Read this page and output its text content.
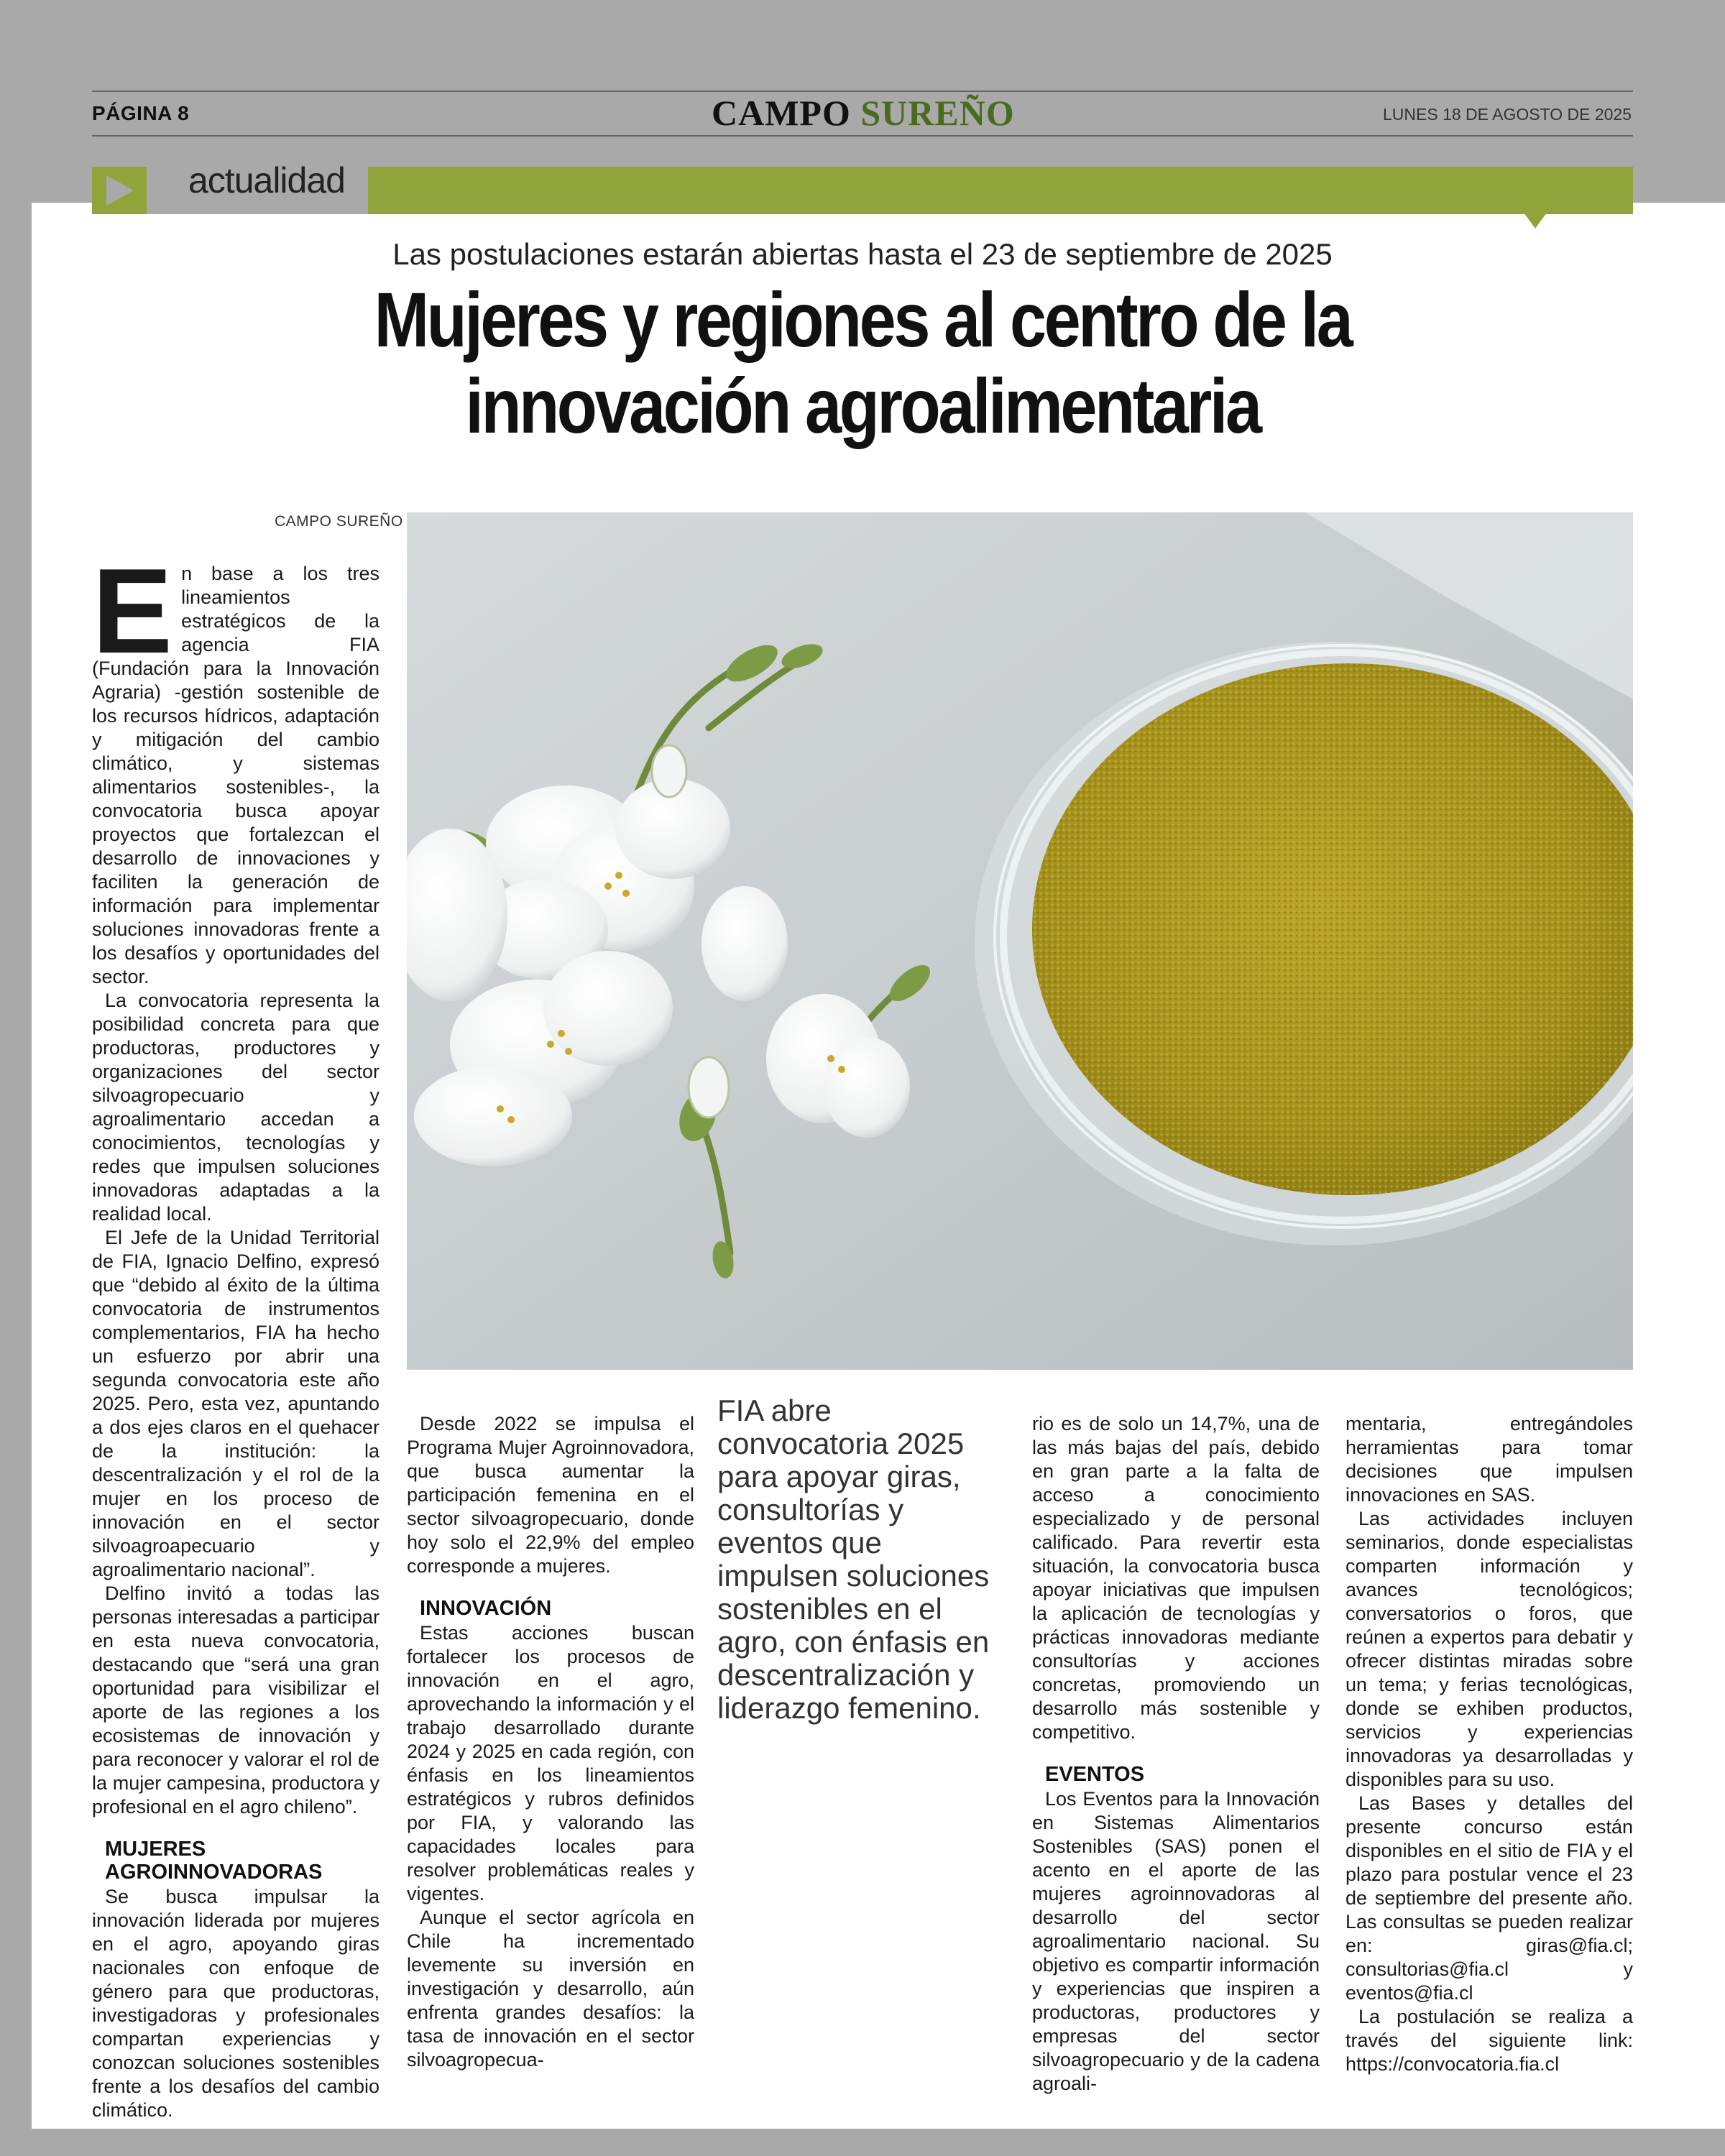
PÁGINA 8	CAMPO SUREÑO	LUNES 18 DE AGOSTO DE 2025
actualidad
Las postulaciones estarán abiertas hasta el 23 de septiembre de 2025
Mujeres y regiones al centro de la
innovación agroalimentaria
CAMPO SUREÑO

En base a los tres lineamientos estratégicos de la agencia FIA (Fundación para la Innovación Agraria) -gestión sostenible de los recursos hídricos, adaptación y mitigación del cambio climático, y sistemas alimentarios sostenibles-, la convocatoria busca apoyar proyectos que fortalezcan el desarrollo de innovaciones y faciliten la generación de información para implementar soluciones innovadoras frente a los desafíos y oportunidades del sector.

La convocatoria representa la posibilidad concreta para que productoras, productores y organizaciones del sector silvoagropecuario y agroalimentario accedan a conocimientos, tecnologías y redes que impulsen soluciones innovadoras adaptadas a la realidad local.

El Jefe de la Unidad Territorial de FIA, Ignacio Delfino, expresó que “debido al éxito de la última convocatoria de instrumentos complementarios, FIA ha hecho un esfuerzo por abrir una segunda convocatoria este año 2025. Pero, esta vez, apuntando a dos ejes claros en el quehacer de la institución: la descentralización y el rol de la mujer en los proceso de innovación en el sector silvoagroapecuario y agroalimentario nacional”.

Delfino invitó a todas las personas interesadas a participar en esta nueva convocatoria, destacando que “será una gran oportunidad para visibilizar el aporte de las regiones a los ecosistemas de innovación y para reconocer y valorar el rol de la mujer campesina, productora y profesional en el agro chileno”.

MUJERES AGROINNOVADORAS

Se busca impulsar la innovación liderada por mujeres en el agro, apoyando giras nacionales con enfoque de género para que productoras, investigadoras y profesionales compartan experiencias y conozcan soluciones sostenibles frente a los desafíos del cambio climático.

Desde 2022 se impulsa el Programa Mujer Agroinnovadora, que busca aumentar la participación femenina en el sector silvoagropecuario, donde hoy solo el 22,9% del empleo corresponde a mujeres.

INNOVACIÓN

Estas acciones buscan fortalecer los procesos de innovación en el agro, aprovechando la información y el trabajo desarrollado durante 2024 y 2025 en cada región, con énfasis en los lineamientos estratégicos y rubros definidos por FIA, y valorando las capacidades locales para resolver problemáticas reales y vigentes.

Aunque el sector agrícola en Chile ha incrementado levemente su inversión en investigación y desarrollo, aún enfrenta grandes desafíos: la tasa de innovación en el sector silvoagropecua-

FIA abre convocatoria 2025 para apoyar giras, consultorías y eventos que impulsen soluciones sostenibles en el agro, con énfasis en descentralización y liderazgo femenino.

rio es de solo un 14,7%, una de las más bajas del país, debido en gran parte a la falta de acceso a conocimiento especializado y de personal calificado. Para revertir esta situación, la convocatoria busca apoyar iniciativas que impulsen la aplicación de tecnologías y prácticas innovadoras mediante consultorías y acciones concretas, promoviendo un desarrollo más sostenible y competitivo.

EVENTOS

Los Eventos para la Innovación en Sistemas Alimentarios Sostenibles (SAS) ponen el acento en el aporte de las mujeres agroinnovadoras al desarrollo del sector agroalimentario nacional. Su objetivo es compartir información y experiencias que inspiren a productoras, productores y empresas del sector silvoagropecuario y de la cadena agroali-

mentaria, entregándoles herramientas para tomar decisiones que impulsen innovaciones en SAS.

Las actividades incluyen seminarios, donde especialistas comparten información y avances tecnológicos; conversatorios o foros, que reúnen a expertos para debatir y ofrecer distintas miradas sobre un tema; y ferias tecnológicas, donde se exhiben productos, servicios y experiencias innovadoras ya desarrolladas y disponibles para su uso.

Las Bases y detalles del presente concurso están disponibles en el sitio de FIA y el plazo para postular vence el 23 de septiembre del presente año. Las consultas se pueden realizar en: giras@fia.cl; consultorias@fia.cl y eventos@fia.cl

La postulación se realiza a través del siguiente link: https://convocatoria.fia.cl
